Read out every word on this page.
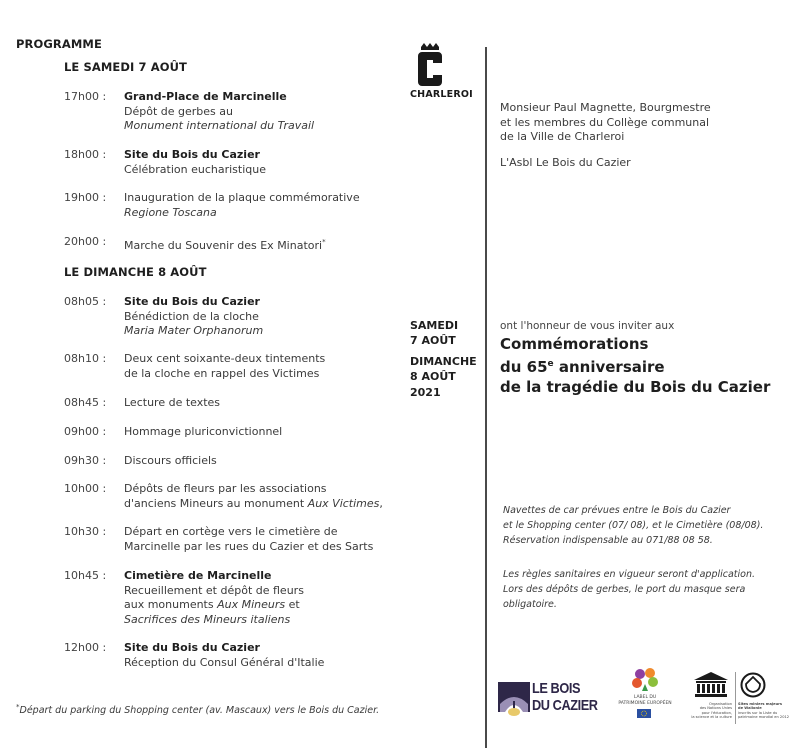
PROGRAMME
LE SAMEDI 7 AOÛT
17h00 :	Grand-Place de Marcinelle
Dépôt de gerbes au
Monument international du Travail
18h00 :	Site du Bois du Cazier
Célébration eucharistique
19h00 :	Inauguration de la plaque commémorative
Regione Toscana
20h00 :	Marche du Souvenir des Ex Minatori*
LE DIMANCHE 8 AOÛT
08h05 :	Site du Bois du Cazier
Bénédiction de la cloche
Maria Mater Orphanorum
08h10 :	Deux cent soixante-deux tintements
de la cloche en rappel des Victimes
08h45 :	Lecture de textes
09h00 :	Hommage pluriconvictionnel
09h30 :	Discours officiels
10h00 :	Dépôts de fleurs par les associations
d'anciens Mineurs au monument Aux Victimes,
10h30 :	Départ en cortège vers le cimetière de
Marcinelle par les rues du Cazier et des Sarts
10h45 :	Cimetière de Marcinelle
Recueillement et dépôt de fleurs
aux monuments Aux Mineurs et
Sacrifices des Mineurs italiens
12h00 :	Site du Bois du Cazier
Réception du Consul Général d'Italie
*Départ du parking du Shopping center (av. Mascaux) vers le Bois du Cazier.
CHARLEROI
Monsieur Paul Magnette, Bourgmestre
et les membres du Collège communal
de la Ville de Charleroi
L'Asbl Le Bois du Cazier
SAMEDI
7 AOÛT
DIMANCHE
8 AOÛT
2021
ont l'honneur de vous inviter aux
Commémorations
du 65e anniversaire
de la tragédie du Bois du Cazier
Navettes de car prévues entre le Bois du Cazier
et le Shopping center (07/ 08), et le Cimetière (08/08).
Réservation indispensable au 071/88 08 58.
Les règles sanitaires en vigueur seront d'application.
Lors des dépôts de gerbes, le port du masque sera
obligatoire.
LE BOIS
DU CAZIER	LABEL DU
PATRIMOINE EUROPÉEN	Organisation
des Nations Unies
pour l'éducation,
la science et la culture
Sites miniers majeurs
de Wallonie
inscrits sur la Liste du
patrimoine mondial en 2012
